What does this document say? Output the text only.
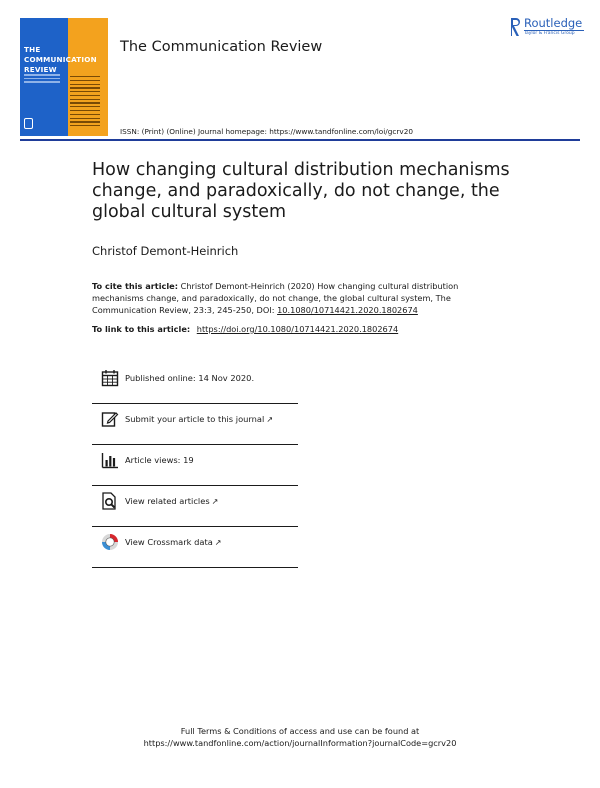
THE
COMMUNICATION
REVIEW
The Communication Review
Routledge
Taylor & Francis Group
ISSN: (Print) (Online) Journal homepage: https://www.tandfonline.com/loi/gcrv20
How changing cultural distribution mechanisms
change, and paradoxically, do not change, the
global cultural system
Christof Demont-Heinrich
To cite this article: Christof Demont-Heinrich (2020) How changing cultural distribution mechanisms change, and paradoxically, do not change, the global cultural system, The Communication Review, 23:3, 245-250, DOI: 10.1080/10714421.2020.1802674
To link to this article: https://doi.org/10.1080/10714421.2020.1802674
Published online: 14 Nov 2020.
Submit your article to this journal ↗
Article views: 19
View related articles ↗
View Crossmark data ↗
Full Terms & Conditions of access and use can be found at
https://www.tandfonline.com/action/journalInformation?journalCode=gcrv20
